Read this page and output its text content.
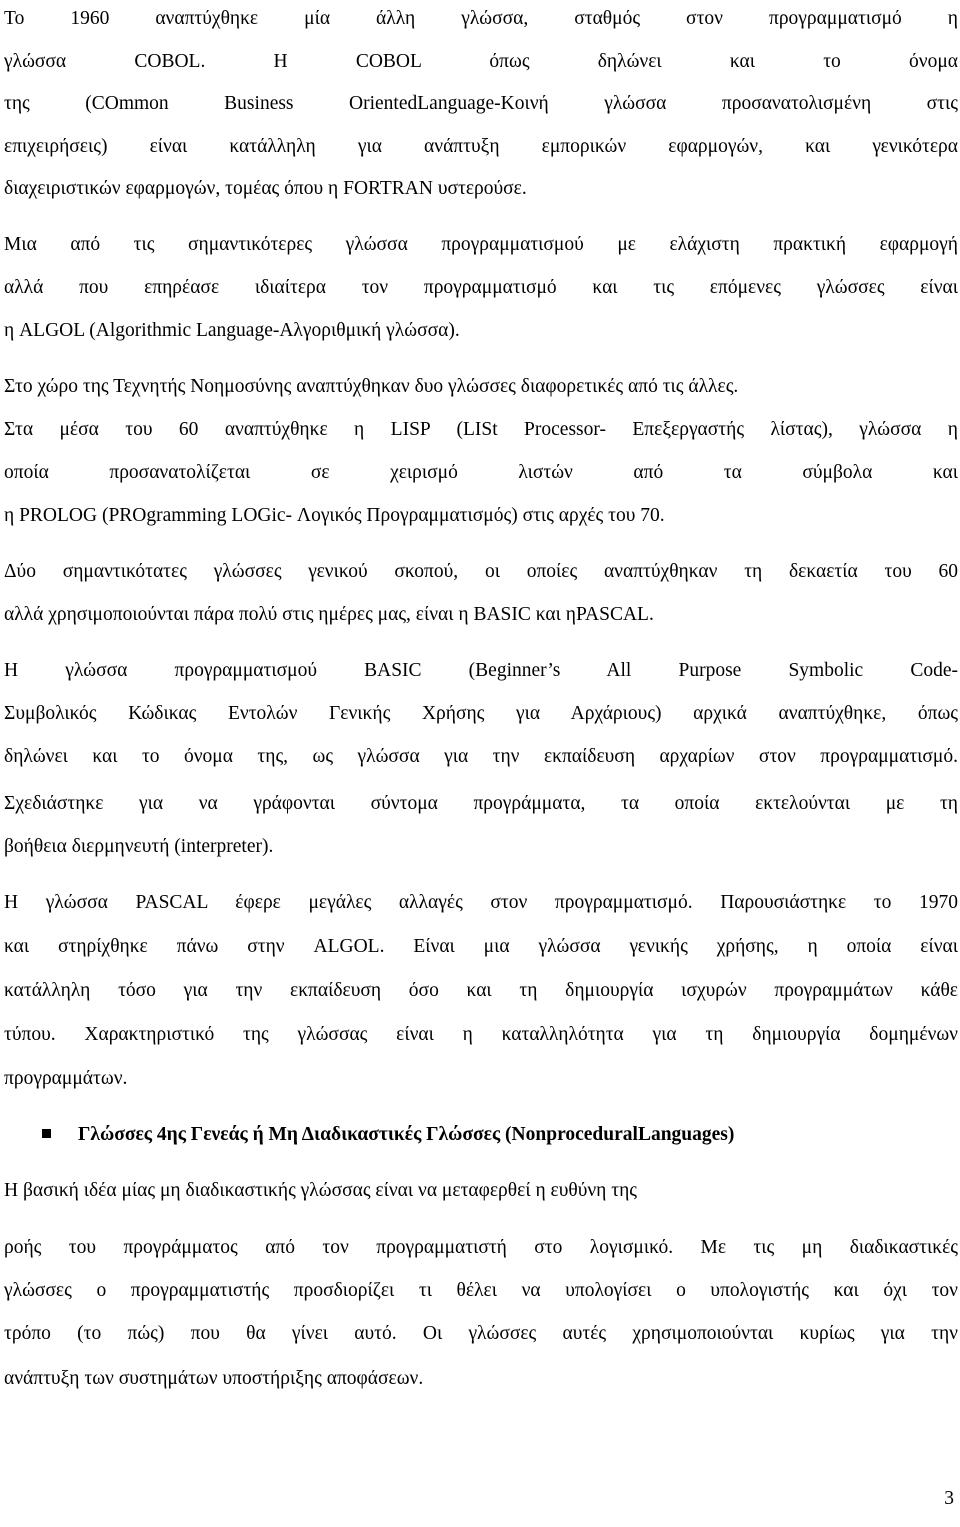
Το 1960 αναπτύχθηκε μία άλλη γλώσσα, σταθμός στον προγραμματισμό η
γλώσσα COBOL. Η COBOL όπως δηλώνει και το όνομα
της (COmmon Business OrientedLanguage-Κοινή γλώσσα προσανατολισμένη στις
επιχειρήσεις) είναι κατάλληλη για ανάπτυξη εμπορικών εφαρμογών, και γενικότερα
διαχειριστικών εφαρμογών, τομέας όπου η FORTRAN υστερούσε.
Μια από τις σημαντικότερες γλώσσα προγραμματισμού με ελάχιστη πρακτική εφαρμογή
αλλά που επηρέασε ιδιαίτερα τον προγραμματισμό και τις επόμενες γλώσσες είναι
η ALGOL (Algorithmic Language-Αλγοριθμική γλώσσα).
Στο χώρο της Τεχνητής Νοημοσύνης αναπτύχθηκαν δυο γλώσσες διαφορετικές από τις άλλες.
Στα μέσα του 60 αναπτύχθηκε η LISP (LISt Processor- Επεξεργαστής λίστας), γλώσσα η
οποία προσανατολίζεται σε χειρισμό λιστών από τα σύμβολα και
η PROLOG (PROgramming LOGic- Λογικός Προγραμματισμός) στις αρχές του 70.
Δύο σημαντικότατες γλώσσες γενικού σκοπού, οι οποίες αναπτύχθηκαν τη δεκαετία του 60
αλλά χρησιμοποιούνται πάρα πολύ στις ημέρες μας, είναι η BASIC και ηPASCAL.
Η γλώσσα προγραμματισμού BASIC (Beginner’s All Purpose Symbolic Code-
Συμβολικός Κώδικας Εντολών Γενικής Χρήσης για Αρχάριους) αρχικά αναπτύχθηκε, όπως
δηλώνει και το όνομα της, ως γλώσσα για την εκπαίδευση αρχαρίων στον προγραμματισμό.
Σχεδιάστηκε για να γράφονται σύντομα προγράμματα, τα οποία εκτελούνται με τη
βοήθεια διερμηνευτή (interpreter).
Η γλώσσα PASCAL έφερε μεγάλες αλλαγές στον προγραμματισμό. Παρουσιάστηκε το 1970
και στηρίχθηκε πάνω στην ALGOL. Είναι μια γλώσσα γενικής χρήσης, η οποία είναι
κατάλληλη τόσο για την εκπαίδευση όσο και τη δημιουργία ισχυρών προγραμμάτων κάθε
τύπου. Χαρακτηριστικό της γλώσσας είναι η καταλληλότητα για τη δημιουργία δομημένων
προγραμμάτων.
Γλώσσες 4ης Γενεάς ή Μη Διαδικαστικές Γλώσσες (NonproceduralLanguages)
Η βασική ιδέα μίας μη διαδικαστικής γλώσσας είναι να μεταφερθεί η ευθύνη της
ροής του προγράμματος από τον προγραμματιστή στο λογισμικό. Με τις μη διαδικαστικές
γλώσσες ο προγραμματιστής προσδιορίζει τι θέλει να υπολογίσει ο υπολογιστής και όχι τον
τρόπο (το πώς) που θα γίνει αυτό. Οι γλώσσες αυτές χρησιμοποιούνται κυρίως για την
ανάπτυξη των συστημάτων υποστήριξης αποφάσεων.
3
